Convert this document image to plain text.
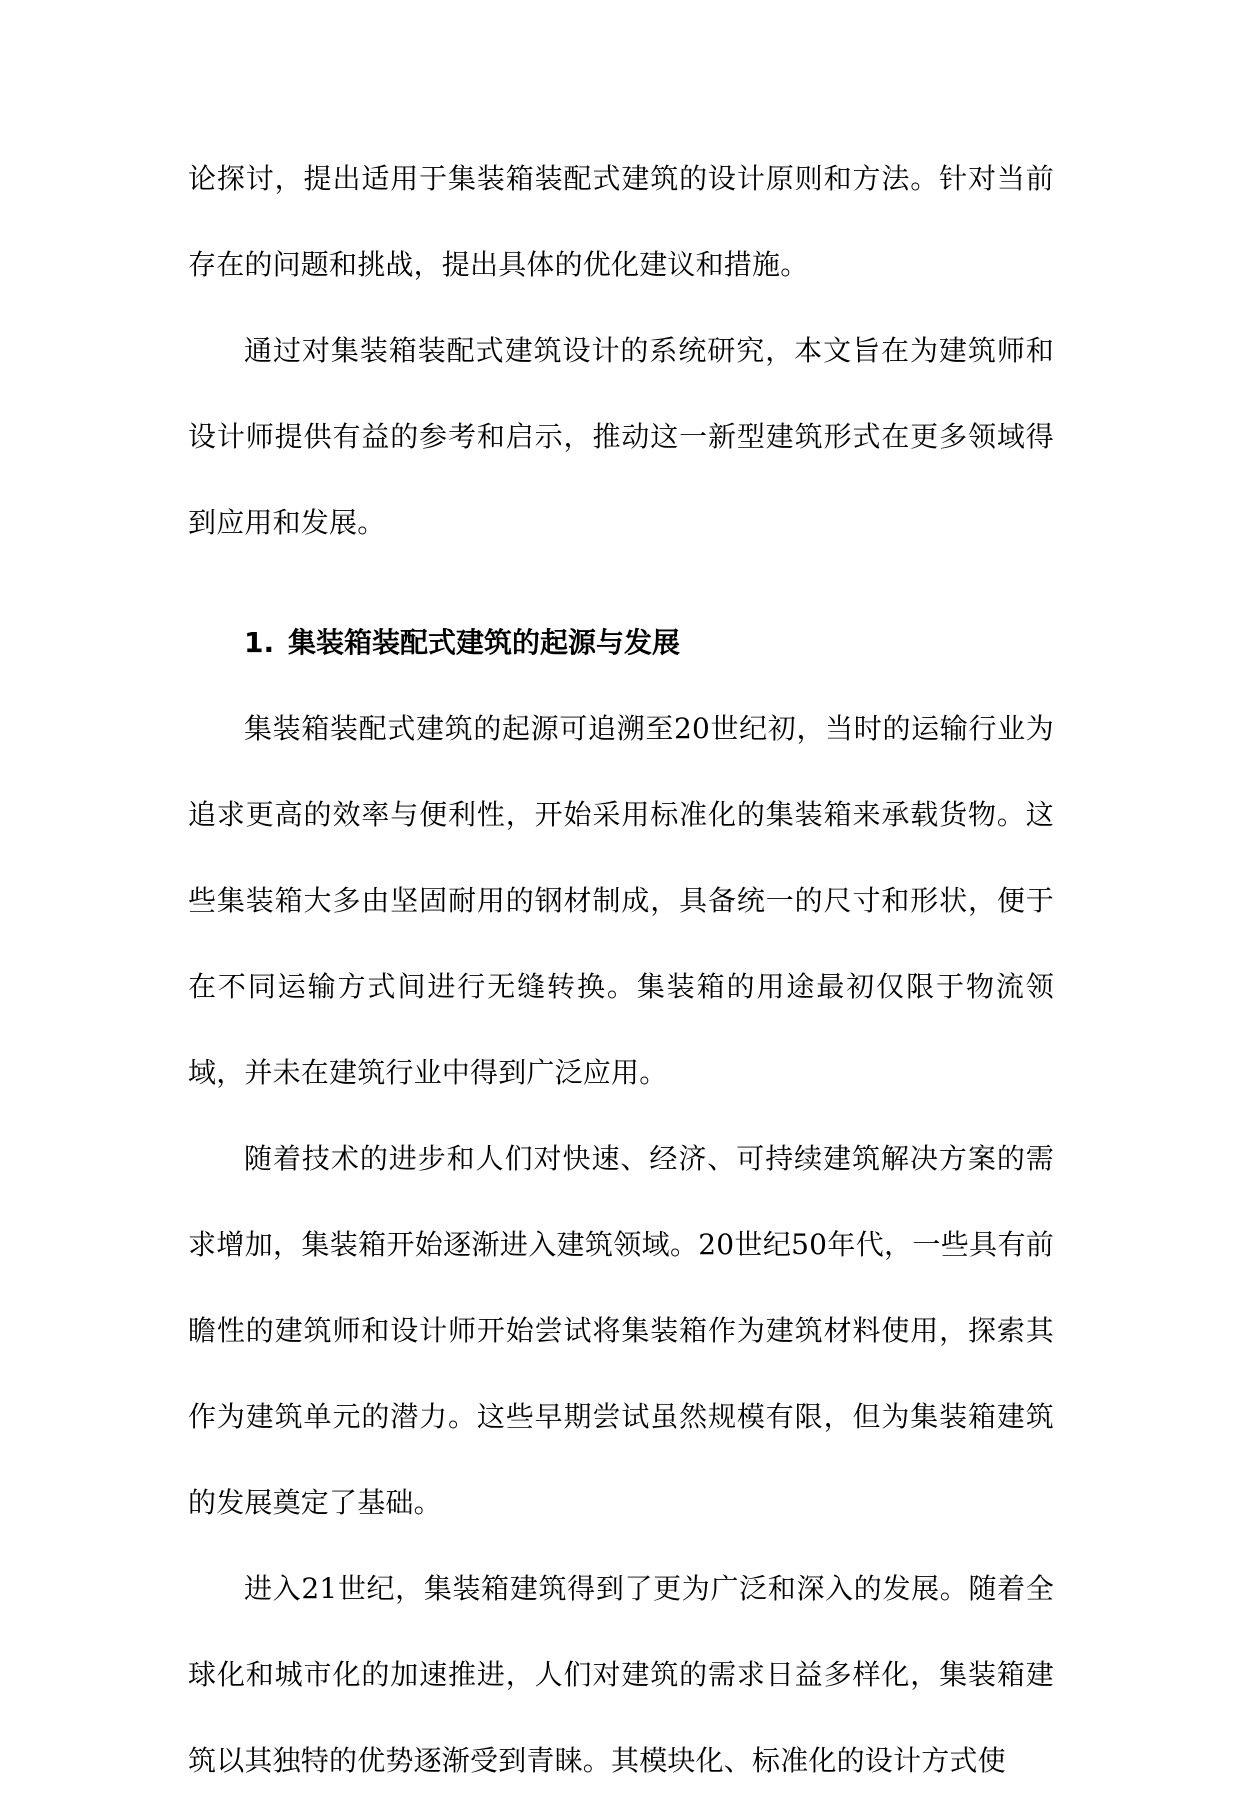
论探讨，提出适用于集装箱装配式建筑的设计原则和方法。针对当前存在的问题和挑战，提出具体的优化建议和措施。

通过对集装箱装配式建筑设计的系统研究，本文旨在为建筑师和设计师提供有益的参考和启示，推动这一新型建筑形式在更多领域得到应用和发展。

1. 集装箱装配式建筑的起源与发展

集装箱装配式建筑的起源可追溯至20世纪初，当时的运输行业为追求更高的效率与便利性，开始采用标准化的集装箱来承载货物。这些集装箱大多由坚固耐用的钢材制成，具备统一的尺寸和形状，便于在不同运输方式间进行无缝转换。集装箱的用途最初仅限于物流领域，并未在建筑行业中得到广泛应用。

随着技术的进步和人们对快速、经济、可持续建筑解决方案的需求增加，集装箱开始逐渐进入建筑领域。20世纪50年代，一些具有前瞻性的建筑师和设计师开始尝试将集装箱作为建筑材料使用，探索其作为建筑单元的潜力。这些早期尝试虽然规模有限，但为集装箱建筑的发展奠定了基础。

进入21世纪，集装箱建筑得到了更为广泛和深入的发展。随着全球化和城市化的加速推进，人们对建筑的需求日益多样化，集装箱建筑以其独特的优势逐渐受到青睐。其模块化、标准化的设计方式使
